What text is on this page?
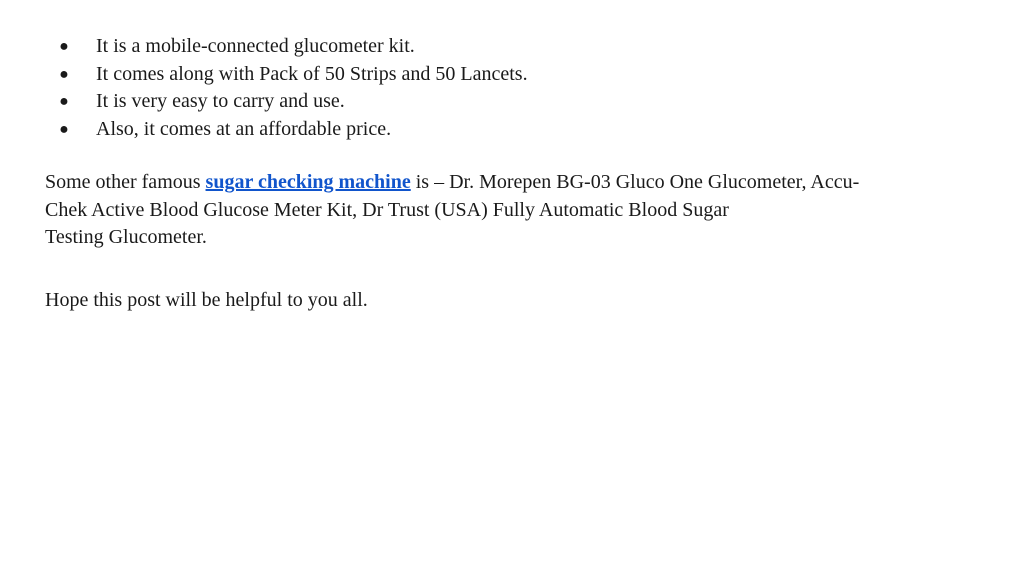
● It is a mobile-connected glucometer kit.
● It comes along with Pack of 50 Strips and 50 Lancets.
● It is very easy to carry and use.
● Also, it comes at an affordable price.

Some other famous sugar checking machine is – Dr. Morepen BG-03 Gluco One Glucometer, Accu-
Chek Active Blood Glucose Meter Kit, Dr Trust (USA) Fully Automatic Blood Sugar
Testing Glucometer.

Hope this post will be helpful to you all.
